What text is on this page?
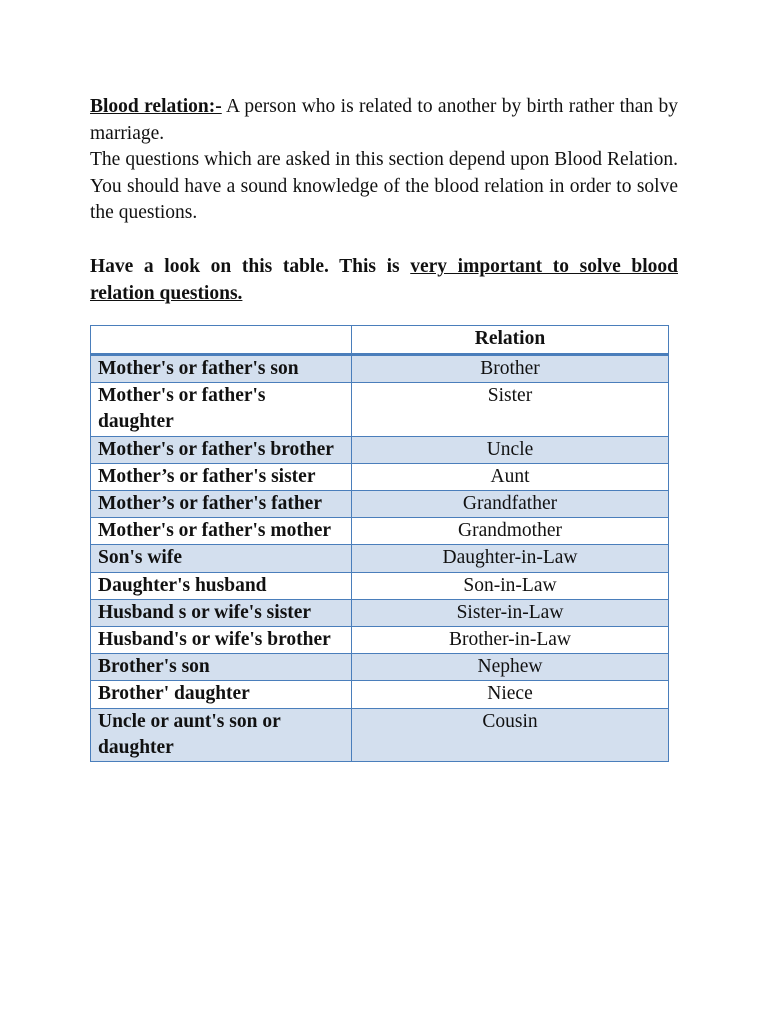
Blood relation:- A person who is related to another by birth rather than by marriage.
The questions which are asked in this section depend upon Blood Relation. You should have a sound knowledge of the blood relation in order to solve the questions.

Have a look on this table. This is very important to solve blood relation questions.

	Relation
Mother's or father's son	Brother
Mother's or father's daughter	Sister
Mother's or father's brother	Uncle
Mother’s or father's sister	Aunt
Mother’s or father's father	Grandfather
Mother's or father's mother	Grandmother
Son's wife	Daughter-in-Law
Daughter's husband	Son-in-Law
Husband s or wife's sister	Sister-in-Law
Husband's or wife's brother	Brother-in-Law
Brother's son	Nephew
Brother' daughter	Niece
Uncle or aunt's son or daughter	Cousin
